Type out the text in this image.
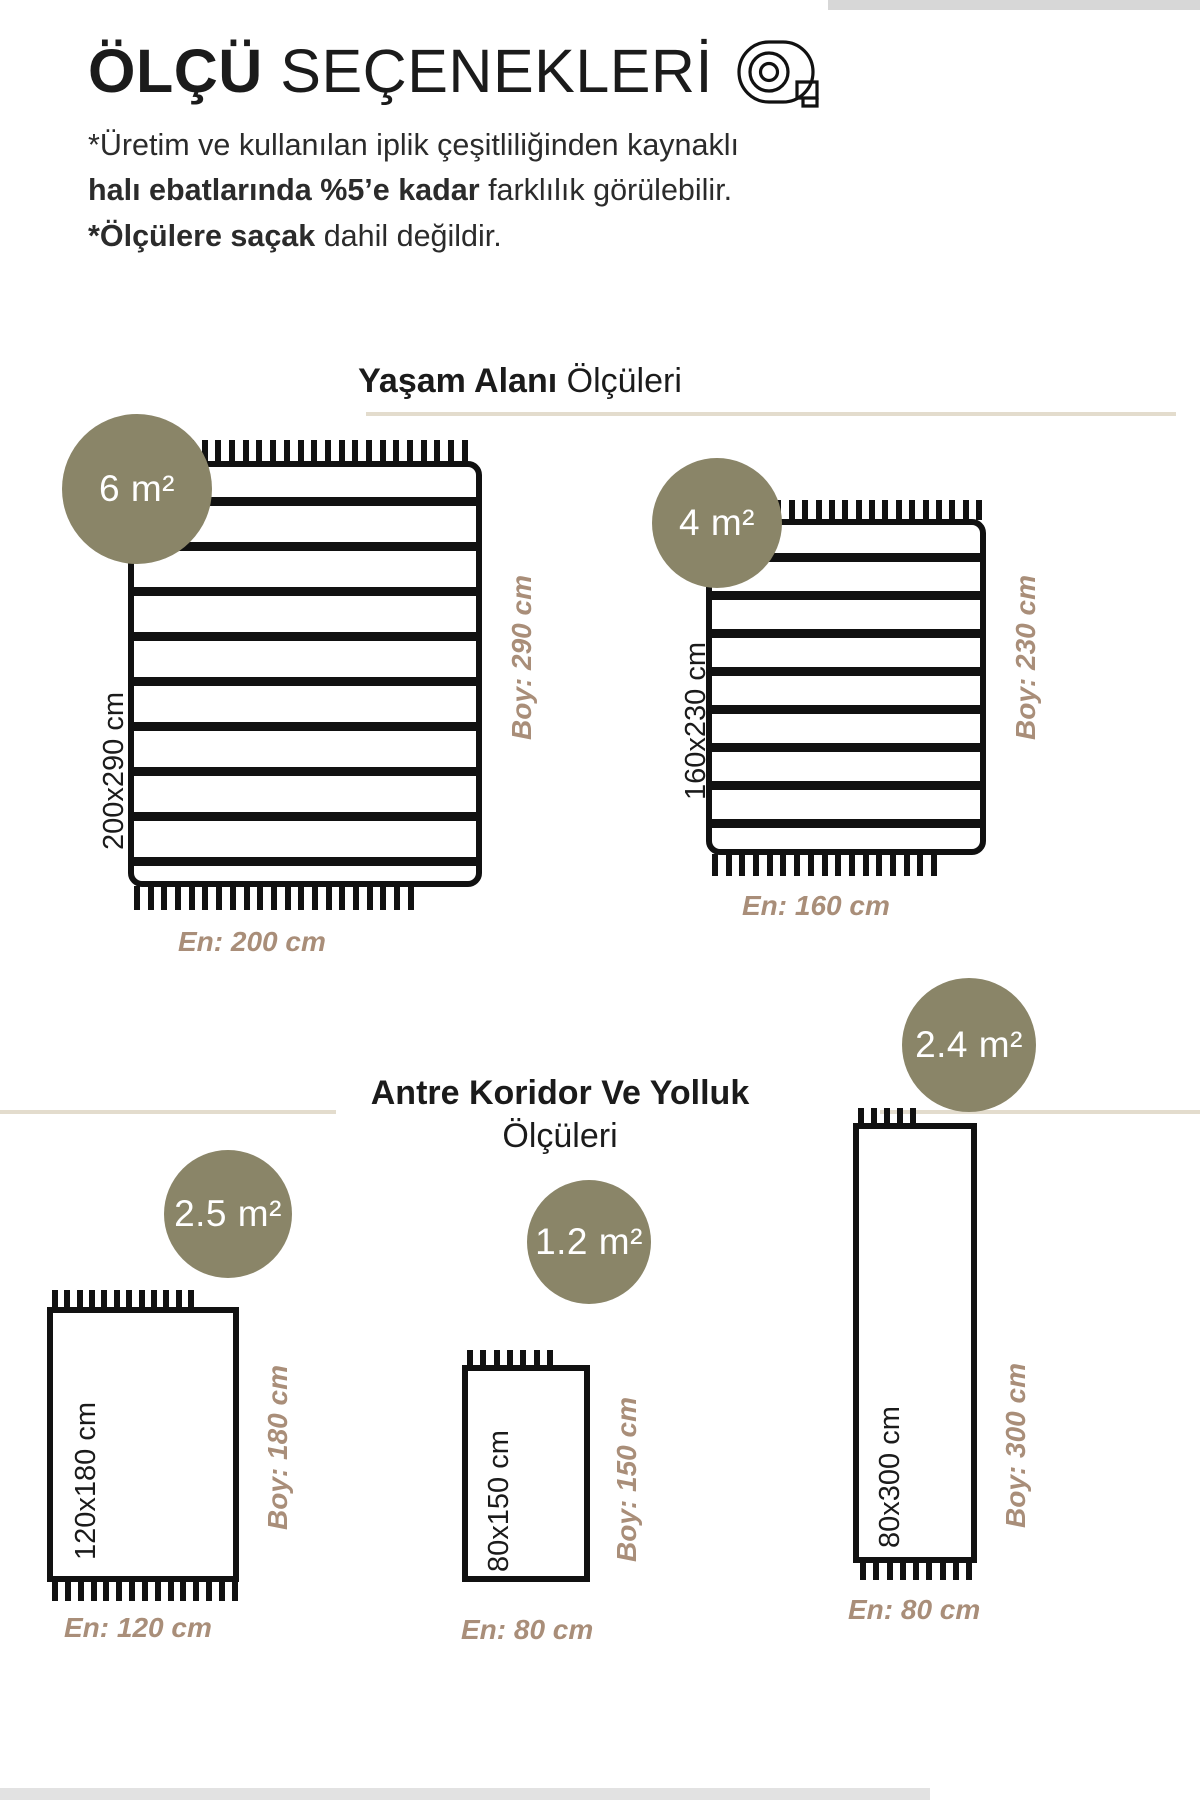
ÖLÇÜ SEÇENEKLERİ

*Üretim ve kullanılan iplik çeşitliliğinden kaynaklı

halı ebatlarında %5’e kadar farklılık görülebilir.

*Ölçülere saçak dahil değildir.

Yaşam Alanı Ölçüleri
6 m²
200x290 cm
Boy: 290 cm
En: 200 cm
4 m²
160x230 cm	Boy: 230 cm
En: 160 cm
Antre Koridor Ve Yolluk
Ölçüleri
2.5 m²
120x180 cm	Boy: 180 cm
En: 120 cm
1.2 m²
80x150 cm	Boy: 150 cm
En: 80 cm
2.4 m²
80x300 cm	Boy: 300 cm
En: 80 cm
